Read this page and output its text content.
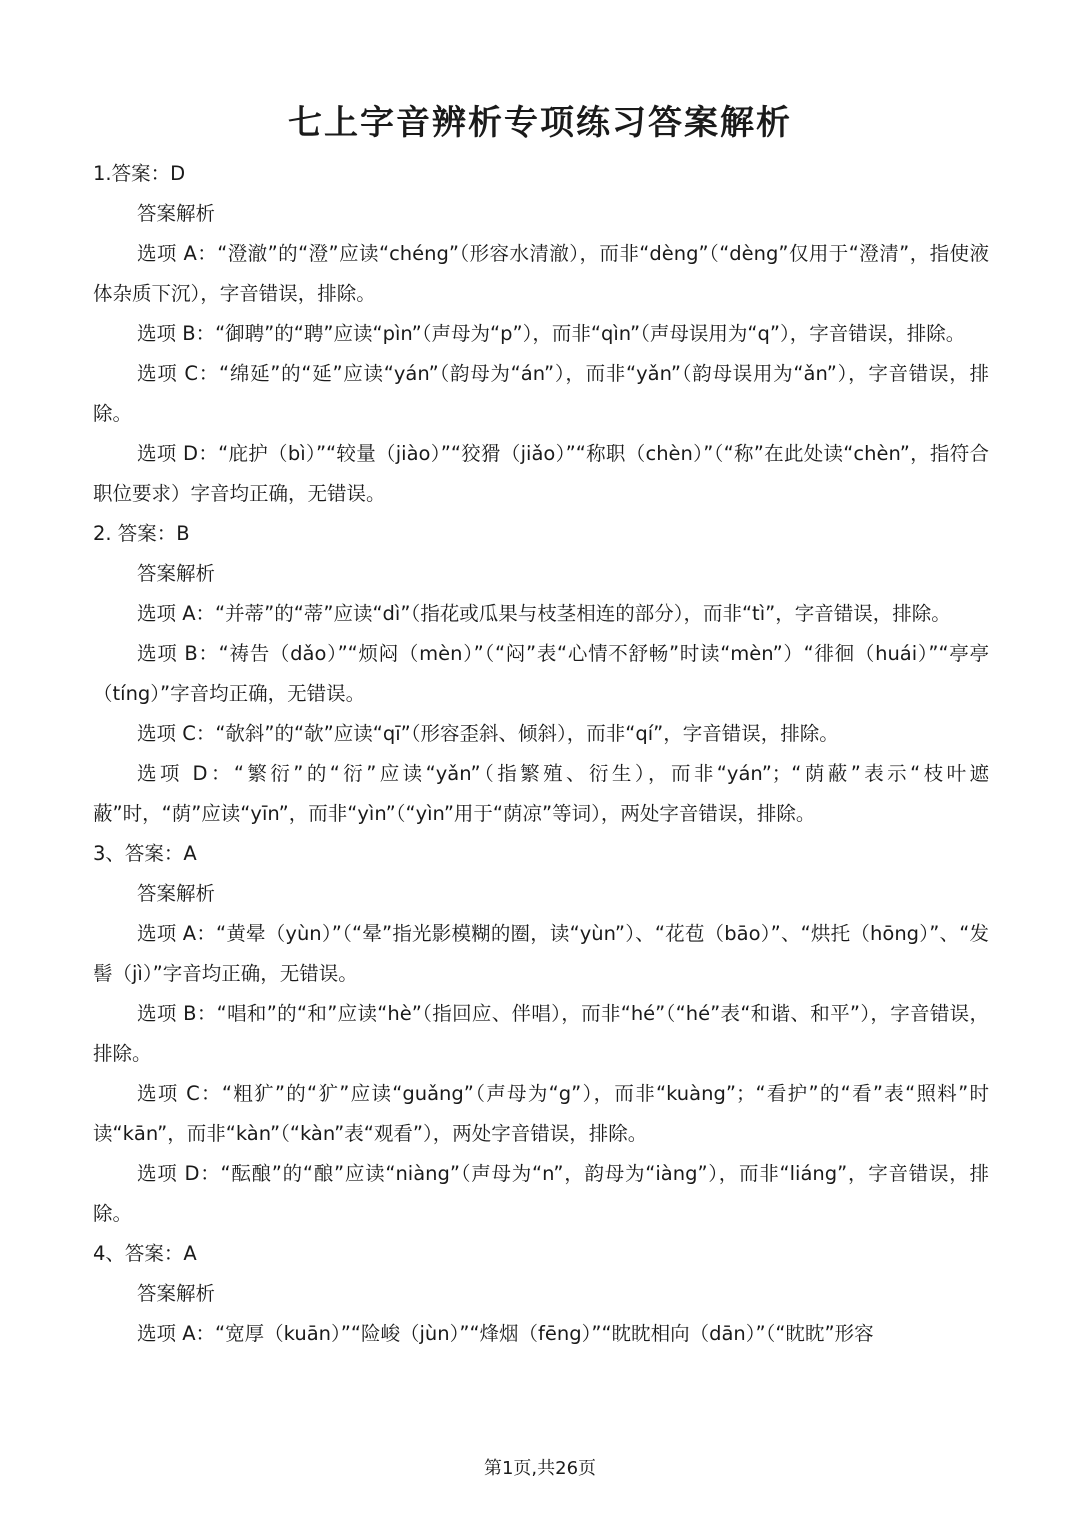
七上字音辨析专项练习答案解析

1.答案：D

答案解析

选项 A：“澄澈”的“澄”应读“chéng”（形容水清澈），而非“dèng”（“dèng”仅用于“澄清”，指使液体杂质下沉），字音错误，排除。

选项 B：“御聘”的“聘”应读“pìn”（声母为“p”），而非“qìn”（声母误用为“q”），字音错误，排除。

选项 C：“绵延”的“延”应读“yán”（韵母为“án”），而非“yǎn”（韵母误用为“ǎn”），字音错误，排除。

选项 D：“庇护（bì）”“较量（jiào）”“狡猾（jiǎo）”“称职（chèn）”（“称”在此处读“chèn”，指符合职位要求）字音均正确，无错误。

2. 答案：B

答案解析

选项 A：“并蒂”的“蒂”应读“dì”（指花或瓜果与枝茎相连的部分），而非“tì”，字音错误，排除。

选项 B：“祷告（dǎo）”“烦闷（mèn）”（“闷”表“心情不舒畅”时读“mèn”）“徘徊（huái）”“亭亭（tíng）”字音均正确，无错误。

选项 C：“欹斜”的“欹”应读“qī”（形容歪斜、倾斜），而非“qí”，字音错误，排除。

选项 D：“繁衍”的“衍”应读“yǎn”（指繁殖、衍生），而非“yán”；“荫蔽”表示“枝叶遮蔽”时，“荫”应读“yīn”，而非“yìn”（“yìn”用于“荫凉”等词），两处字音错误，排除。

3、答案：A

答案解析

选项 A：“黄晕（yùn）”（“晕”指光影模糊的圈，读“yùn”）、“花苞（bāo）”、“烘托（hōng）”、“发髻（jì）”字音均正确，无错误。

选项 B：“唱和”的“和”应读“hè”（指回应、伴唱），而非“hé”（“hé”表“和谐、和平”），字音错误，排除。

选项 C：“粗犷”的“犷”应读“guǎng”（声母为“g”），而非“kuàng”；“看护”的“看”表“照料”时读“kān”，而非“kàn”（“kàn”表“观看”），两处字音错误，排除。

选项 D：“酝酿”的“酿”应读“niàng”（声母为“n”，韵母为“iàng”），而非“liáng”，字音错误，排除。

4、答案：A

答案解析

选项 A：“宽厚（kuān）”“险峻（jùn）”“烽烟（fēng）”“眈眈相向（dān）”（“眈眈”形容

第1页,共26页
